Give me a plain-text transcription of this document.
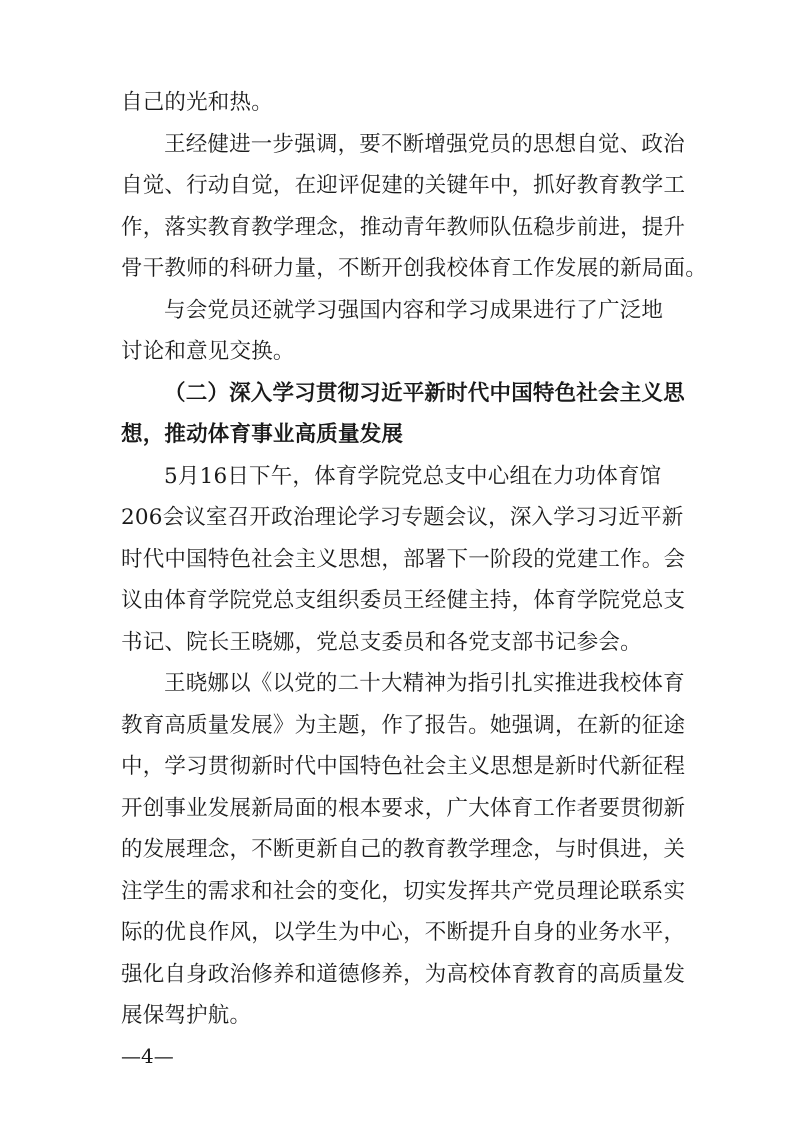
自己的光和热。
王经健进一步强调，要不断增强党员的思想自觉、政治
自觉、行动自觉，在迎评促建的关键年中，抓好教育教学工
作，落实教育教学理念，推动青年教师队伍稳步前进，提升
骨干教师的科研力量，不断开创我校体育工作发展的新局面。
与会党员还就学习强国内容和学习成果进行了广泛地
讨论和意见交换。
（二）深入学习贯彻习近平新时代中国特色社会主义思
想，推动体育事业高质量发展
5月16日下午，体育学院党总支中心组在力功体育馆
206会议室召开政治理论学习专题会议，深入学习习近平新
时代中国特色社会主义思想，部署下一阶段的党建工作。会
议由体育学院党总支组织委员王经健主持，体育学院党总支
书记、院长王晓娜，党总支委员和各党支部书记参会。
王晓娜以《以党的二十大精神为指引扎实推进我校体育
教育高质量发展》为主题，作了报告。她强调，在新的征途
中，学习贯彻新时代中国特色社会主义思想是新时代新征程
开创事业发展新局面的根本要求，广大体育工作者要贯彻新
的发展理念，不断更新自己的教育教学理念，与时俱进，关
注学生的需求和社会的变化，切实发挥共产党员理论联系实
际的优良作风，以学生为中心，不断提升自身的业务水平，
强化自身政治修养和道德修养，为高校体育教育的高质量发
展保驾护航。
—4—
